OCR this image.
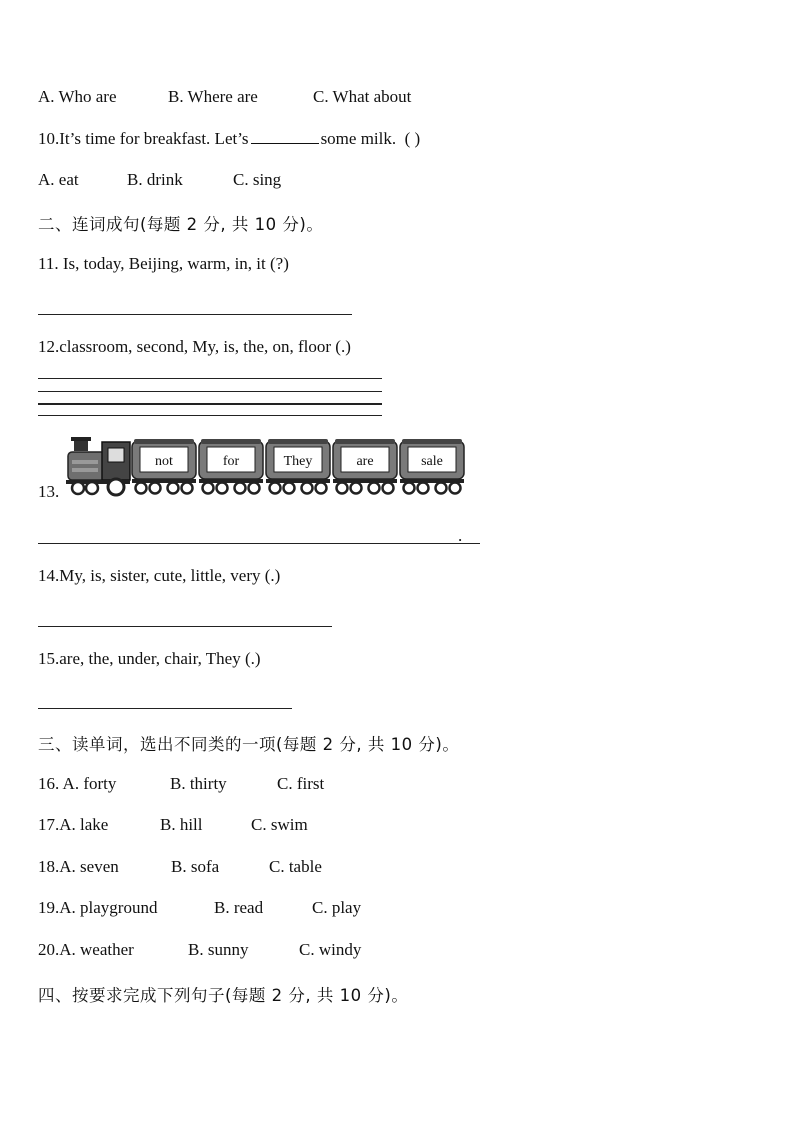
A. Who are	B. Where are	C. What about
10.It’s time for breakfast. Let’s	some milk. ( )
A. eat	B. drink	C. sing
二、连词成句(每题 2 分, 共 10 分)。
11. Is, today, Beijing, warm, in, it (?)
12.classroom, second, My, is, the, on, floor (.)
13.
not	for	They	are	sale
.
14.My, is, sister, cute, little, very (.)
15.are, the, under, chair, They (.)
三、读单词，选出不同类的一项(每题 2 分, 共 10 分)。
16. A. forty	B. thirty	C. first
17.A. lake	B. hill	C. swim
18.A. seven	B. sofa	C. table
19.A. playground	B. read	C. play
20.A. weather	B. sunny	C. windy
四、按要求完成下列句子(每题 2 分, 共 10 分)。
